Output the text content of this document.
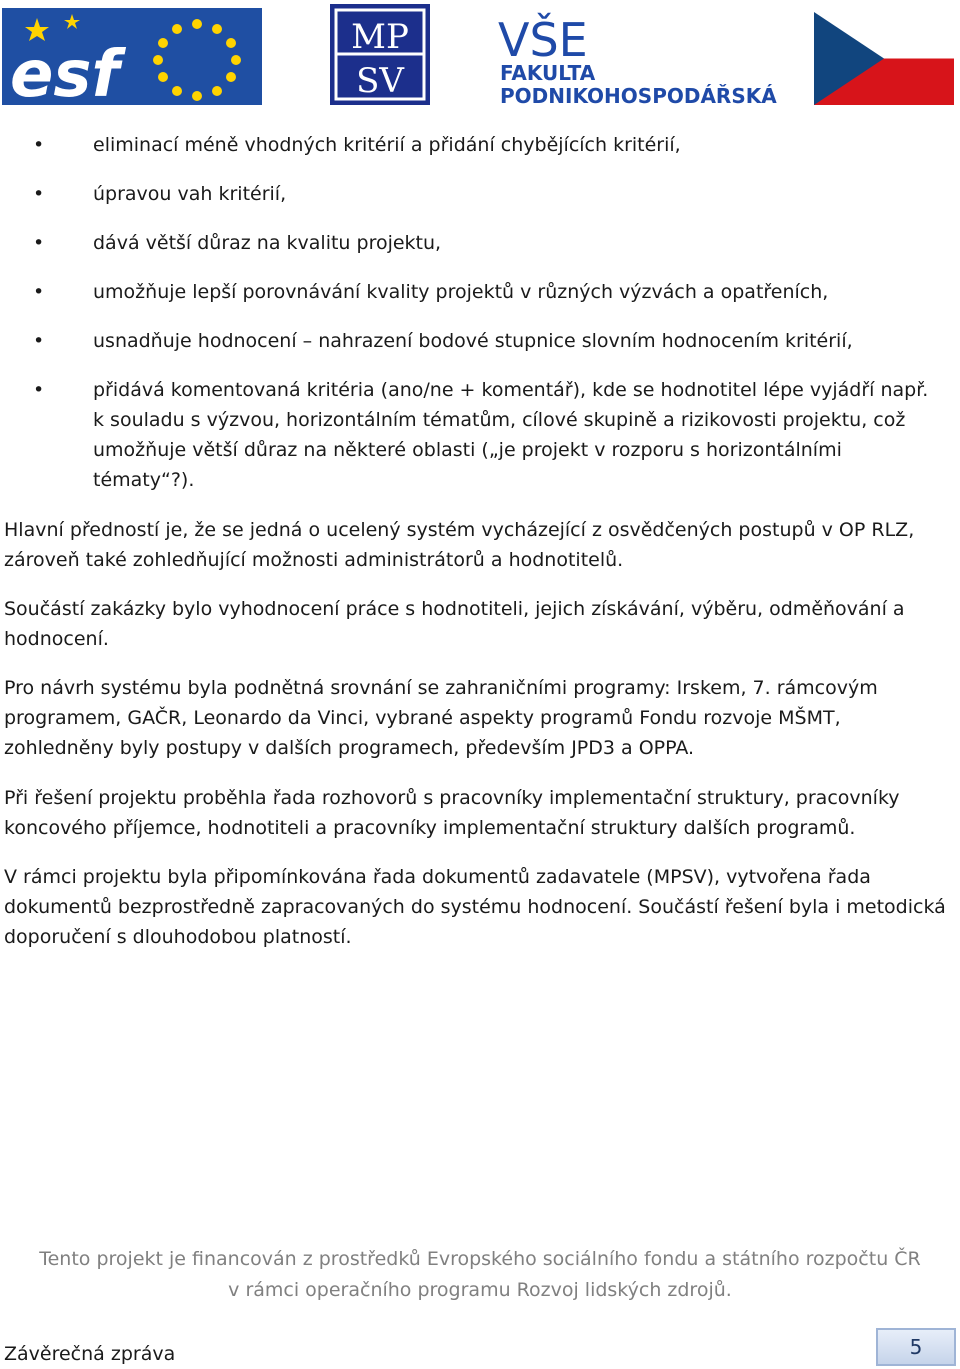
esf
MP
SV
VŠE
FAKULTA
PODNIKOHOSPODÁŘSKÁ
• eliminací méně vhodných kritérií a přidání chybějících kritérií,
• úpravou vah kritérií,
• dává větší důraz na kvalitu projektu,
• umožňuje lepší porovnávání kvality projektů v různých výzvách a opatřeních,
• usnadňuje hodnocení – nahrazení bodové stupnice slovním hodnocením kritérií,
• přidává komentovaná kritéria (ano/ne + komentář), kde se hodnotitel lépe vyjádří např. k souladu s výzvou, horizontálním tématům, cílové skupině a rizikovosti projektu, což umožňuje větší důraz na některé oblasti („je projekt v rozporu s horizontálními tématy“?).

Hlavní předností je, že se jedná o ucelený systém vycházející z osvědčených postupů v OP RLZ, zároveň také zohledňující možnosti administrátorů a hodnotitelů.

Součástí zakázky bylo vyhodnocení práce s hodnotiteli, jejich získávání, výběru, odměňování a hodnocení.

Pro návrh systému byla podnětná srovnání se zahraničními programy: Irskem, 7. rámcovým programem, GAČR, Leonardo da Vinci, vybrané aspekty programů Fondu rozvoje MŠMT, zohledněny byly postupy v dalších programech, především JPD3 a OPPA.

Při řešení projektu proběhla řada rozhovorů s pracovníky implementační struktury, pracovníky koncového příjemce, hodnotiteli a pracovníky implementační struktury dalších programů.

V rámci projektu byla připomínkována řada dokumentů zadavatele (MPSV), vytvořena řada dokumentů bezprostředně zapracovaných do systému hodnocení. Součástí řešení byla i metodická doporučení s dlouhodobou platností.

Tento projekt je financován z prostředků Evropského sociálního fondu a státního rozpočtu ČR
v rámci operačního programu Rozvoj lidských zdrojů.
Závěrečná zpráva	5
